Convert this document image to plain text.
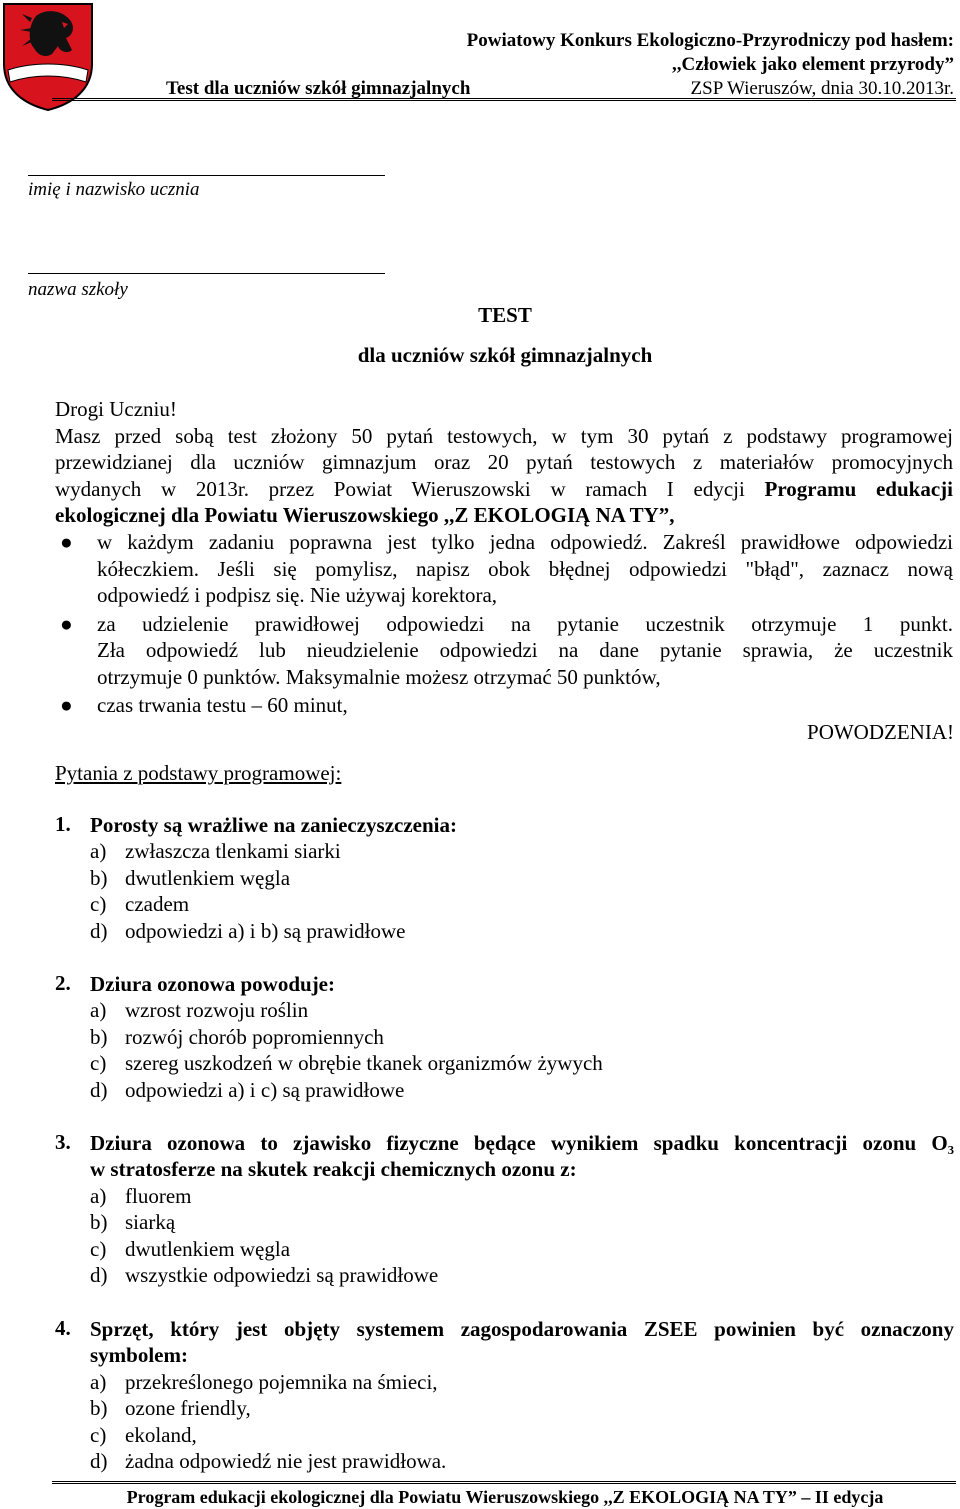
Powiatowy Konkurs Ekologiczno-Przyrodniczy pod hasłem:
,,Człowiek jako element przyrody”
Test dla uczniów szkół gimnazjalnych	ZSP Wieruszów, dnia 30.10.2013r.
imię i nazwisko ucznia
nazwa szkoły
TEST
dla uczniów szkół gimnazjalnych
Drogi Uczniu!
Masz przed sobą test złożony 50 pytań testowych, w tym 30 pytań z podstawy programowej
przewidzianej dla uczniów gimnazjum oraz 20 pytań testowych z materiałów promocyjnych
wydanych w 2013r. przez Powiat Wieruszowski w ramach I edycji Programu edukacji
ekologicznej dla Powiatu Wieruszowskiego ,,Z EKOLOGIĄ NA TY”,
● w każdym zadaniu poprawna jest tylko jedna odpowiedź. Zakreśl prawidłowe odpowiedzi
kółeczkiem. Jeśli się pomylisz, napisz obok błędnej odpowiedzi "błąd", zaznacz nową
odpowiedź i podpisz się. Nie używaj korektora,
● za udzielenie prawidłowej odpowiedzi na pytanie uczestnik otrzymuje 1 punkt.
Zła odpowiedź lub nieudzielenie odpowiedzi na dane pytanie sprawia, że uczestnik
otrzymuje 0 punktów. Maksymalnie możesz otrzymać 50 punktów,
● czas trwania testu – 60 minut,
POWODZENIA!
Pytania z podstawy programowej:
1. Porosty są wrażliwe na zanieczyszczenia:
a) zwłaszcza tlenkami siarki
b) dwutlenkiem węgla
c) czadem
d) odpowiedzi a) i b) są prawidłowe
2. Dziura ozonowa powoduje:
a) wzrost rozwoju roślin
b) rozwój chorób popromiennych
c) szereg uszkodzeń w obrębie tkanek organizmów żywych
d) odpowiedzi a) i c) są prawidłowe
3. Dziura ozonowa to zjawisko fizyczne będące wynikiem spadku koncentracji ozonu O₃
w stratosferze na skutek reakcji chemicznych ozonu z:
a) fluorem
b) siarką
c) dwutlenkiem węgla
d) wszystkie odpowiedzi są prawidłowe
4. Sprzęt, który jest objęty systemem zagospodarowania ZSEE powinien być oznaczony
symbolem:
a) przekreślonego pojemnika na śmieci,
b) ozone friendly,
c) ekoland,
d) żadna odpowiedź nie jest prawidłowa.
Program edukacji ekologicznej dla Powiatu Wieruszowskiego ,,Z EKOLOGIĄ NA TY” – II edycja
